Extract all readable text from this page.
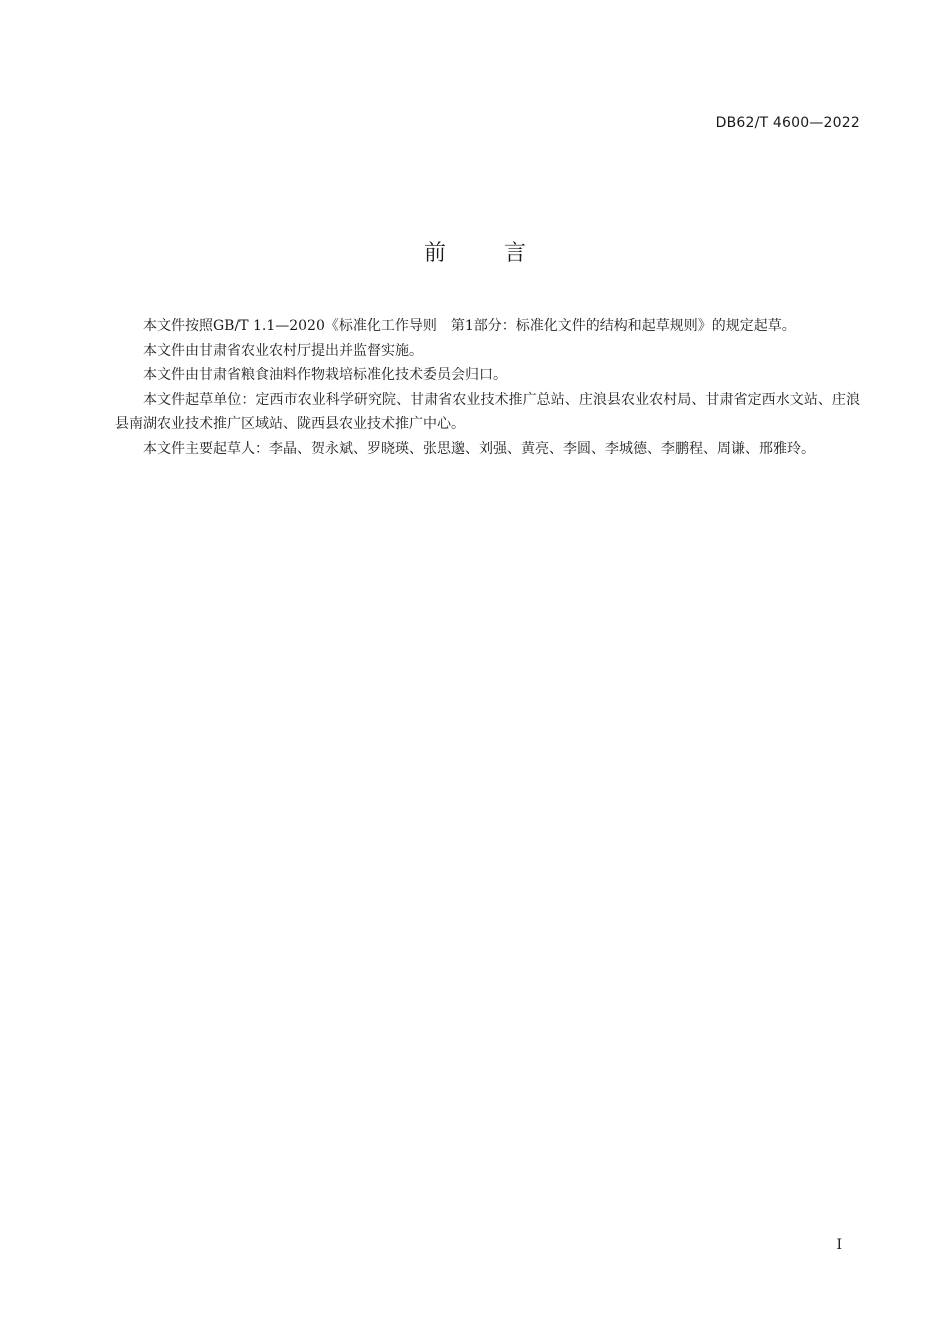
DB62/T 4600—2022
前言

本文件按照GB/T 1.1—2020《标准化工作导则　第1部分：标准化文件的结构和起草规则》的规定起草。

本文件由甘肃省农业农村厅提出并监督实施。

本文件由甘肃省粮食油料作物栽培标准化技术委员会归口。

本文件起草单位：定西市农业科学研究院、甘肃省农业技术推广总站、庄浪县农业农村局、甘肃省定西水文站、庄浪县南湖农业技术推广区域站、陇西县农业技术推广中心。

本文件主要起草人：李晶、贺永斌、罗晓瑛、张思邈、刘强、黄亮、李圆、李城德、李鹏程、周谦、邢雅玲。

I
